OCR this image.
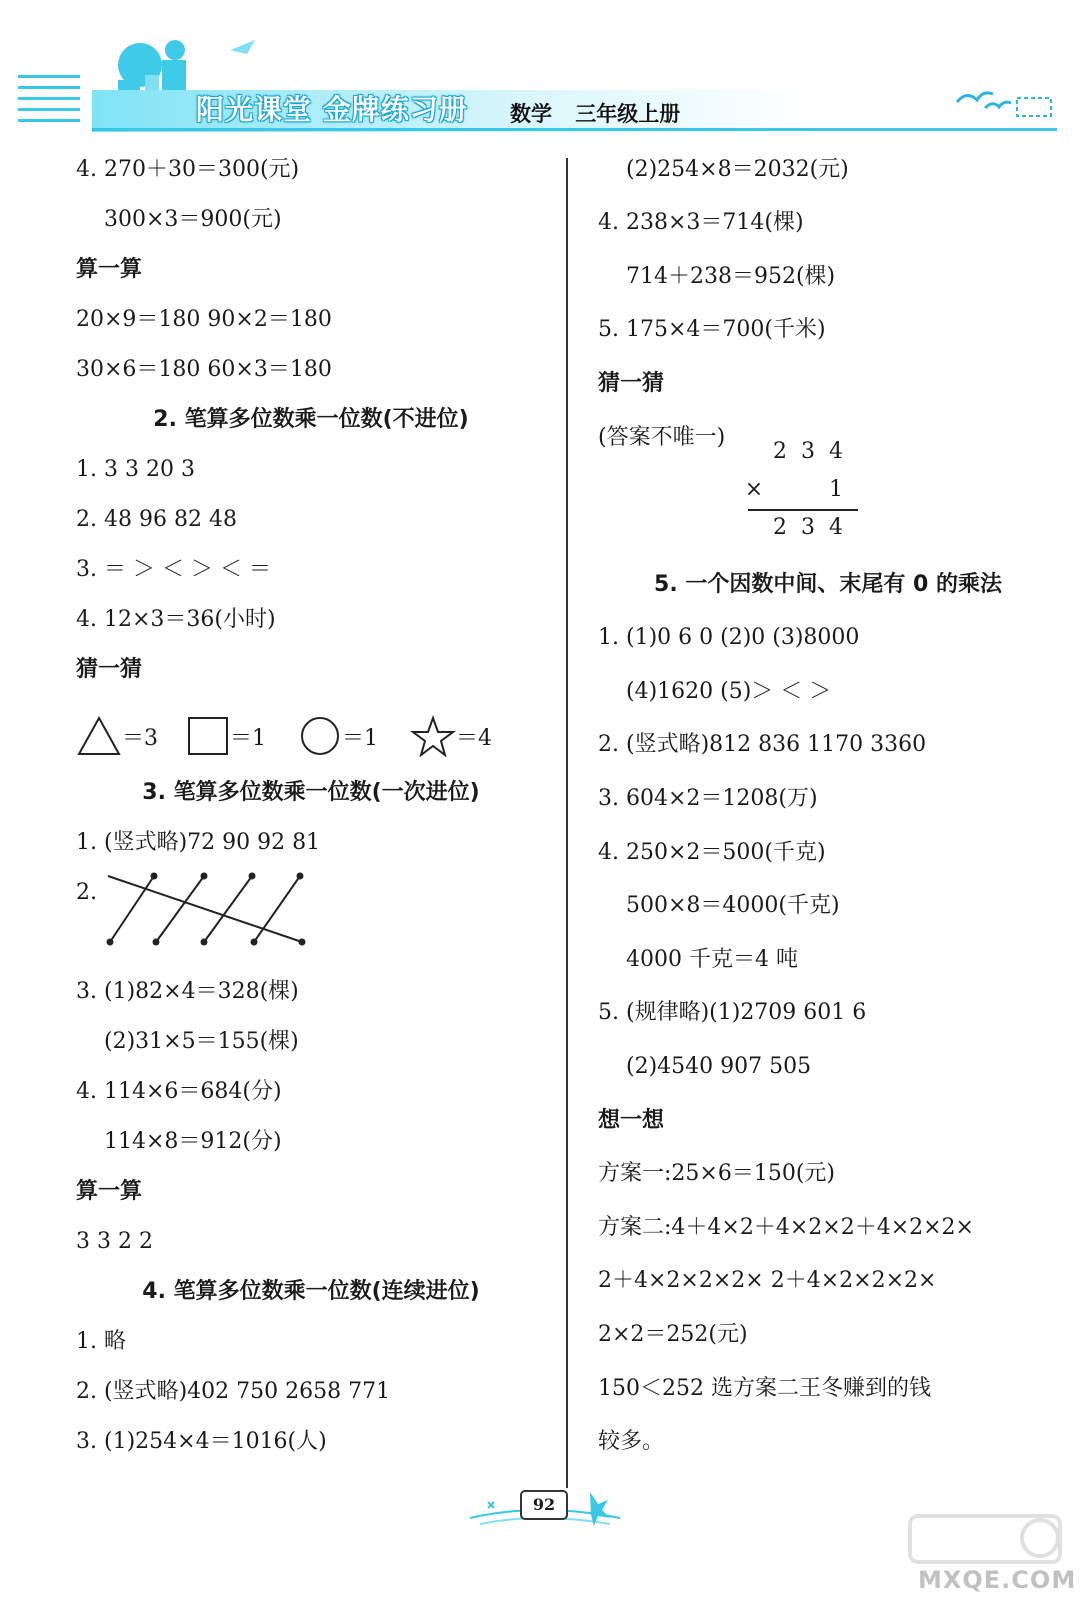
阳光课堂 金牌练习册 数学 三年级上册
4. 270＋30＝300(元)
300×3＝900(元)
算一算
20×9＝180 90×2＝180
30×6＝180 60×3＝180
2. 笔算多位数乘一位数(不进位)
1. 3 3 20 3
2. 48 96 82 48
3. ＝ ＞ ＜ ＞ ＜ ＝
4. 12×3＝36(小时)
猜一猜
＝3	＝1	＝1	＝4
3. 笔算多位数乘一位数(一次进位)
1. (竖式略)72 90 92 81
2.
3. (1)82×4＝328(棵)
(2)31×5＝155(棵)
4. 114×6＝684(分)
114×8＝912(分)
算一算
3 3 2 2
4. 笔算多位数乘一位数(连续进位)
1. 略
2. (竖式略)402 750 2658 771
3. (1)254×4＝1016(人)
(2)254×8＝2032(元)
4. 238×3＝714(棵)
714＋238＝952(棵)
5. 175×4＝700(千米)
猜一猜
(答案不唯一)
2 3 4
×	1
2 3 4
5. 一个因数中间、末尾有 0 的乘法
1. (1)0 6 0 (2)0 (3)8000
(4)1620 (5)＞ ＜ ＞
2. (竖式略)812 836 1170 3360
3. 604×2＝1208(万)
4. 250×2＝500(千克)
500×8＝4000(千克)
4000 千克＝4 吨
5. (规律略)(1)2709 601 6
(2)4540 907 505
想一想
方案一:25×6＝150(元)
方案二:4＋4×2＋4×2×2＋4×2×2×
2＋4×2×2×2× 2＋4×2×2×2×
2×2＝252(元)
150＜252 选方案二王冬赚到的钱
较多。
92
MXQE.COM
